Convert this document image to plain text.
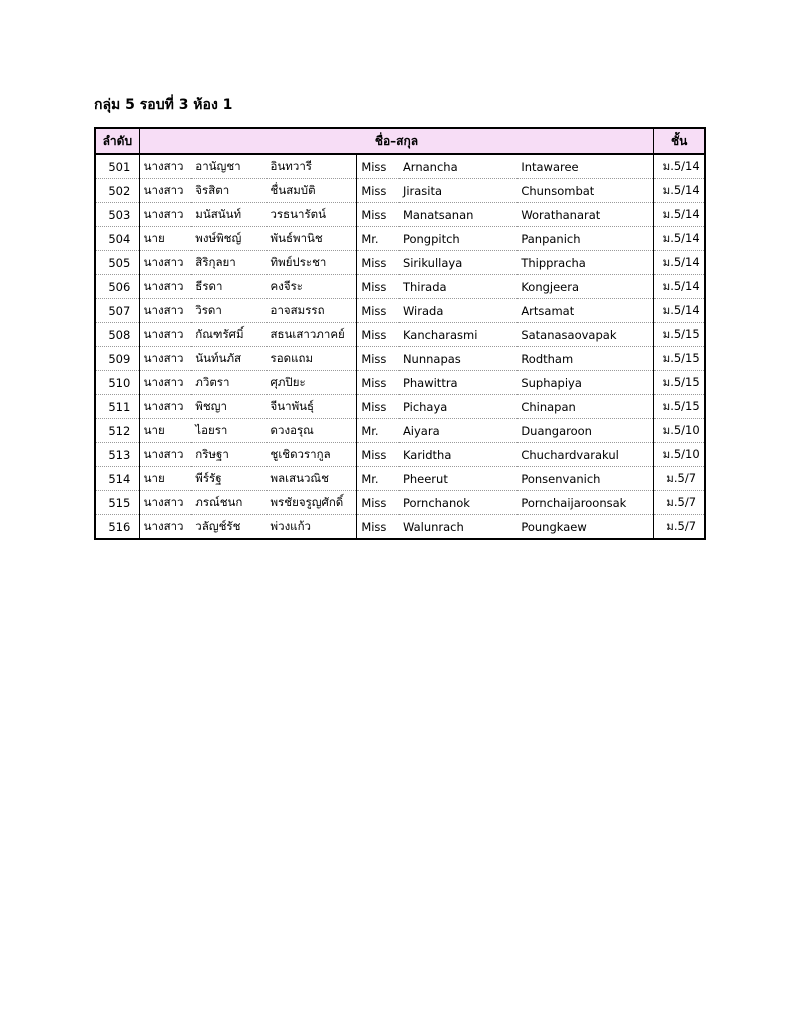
กลุ่ม 5 รอบที่ 3 ห้อง 1
ลำดับ	ชื่อ–สกุล						ชั้น
501	นางสาว	อานัญชา	อินทวารี	Miss	Arnancha	Intawaree	ม.5/14
502	นางสาว	จิรสิตา	ชื่นสมบัติ	Miss	Jirasita	Chunsombat	ม.5/14
503	นางสาว	มนัสนันท์	วรธนารัตน์	Miss	Manatsanan	Worathanarat	ม.5/14
504	นาย	พงษ์พิชญ์	พันธ์พานิช	Mr.	Pongpitch	Panpanich	ม.5/14
505	นางสาว	สิริกุลยา	ทิพย์ประชา	Miss	Sirikullaya	Thippracha	ม.5/14
506	นางสาว	ธีรดา	คงจีระ	Miss	Thirada	Kongjeera	ม.5/14
507	นางสาว	วิรดา	อาจสมรรถ	Miss	Wirada	Artsamat	ม.5/14
508	นางสาว	กัณฑรัศมิ์	สธนเสาวภาคย์	Miss	Kancharasmi	Satanasaovapak	ม.5/15
509	นางสาว	นันท์นภัส	รอดแถม	Miss	Nunnapas	Rodtham	ม.5/15
510	นางสาว	ภวิตรา	ศุภปิยะ	Miss	Phawittra	Suphapiya	ม.5/15
511	นางสาว	พิชญา	จีนาพันธุ์	Miss	Pichaya	Chinapan	ม.5/15
512	นาย	ไอยรา	ดวงอรุณ	Mr.	Aiyara	Duangaroon	ม.5/10
513	นางสาว	กริษฐา	ชูเชิดวรากูล	Miss	Karidtha	Chuchardvarakul	ม.5/10
514	นาย	พีร์รัฐ	พลเสนวณิช	Mr.	Pheerut	Ponsenvanich	ม.5/7
515	นางสาว	ภรณ์ชนก	พรชัยจรูญศักดิ์	Miss	Pornchanok	Pornchaijaroonsak	ม.5/7
516	นางสาว	วลัญช์รัช	พ่วงแก้ว	Miss	Walunrach	Poungkaew	ม.5/7
